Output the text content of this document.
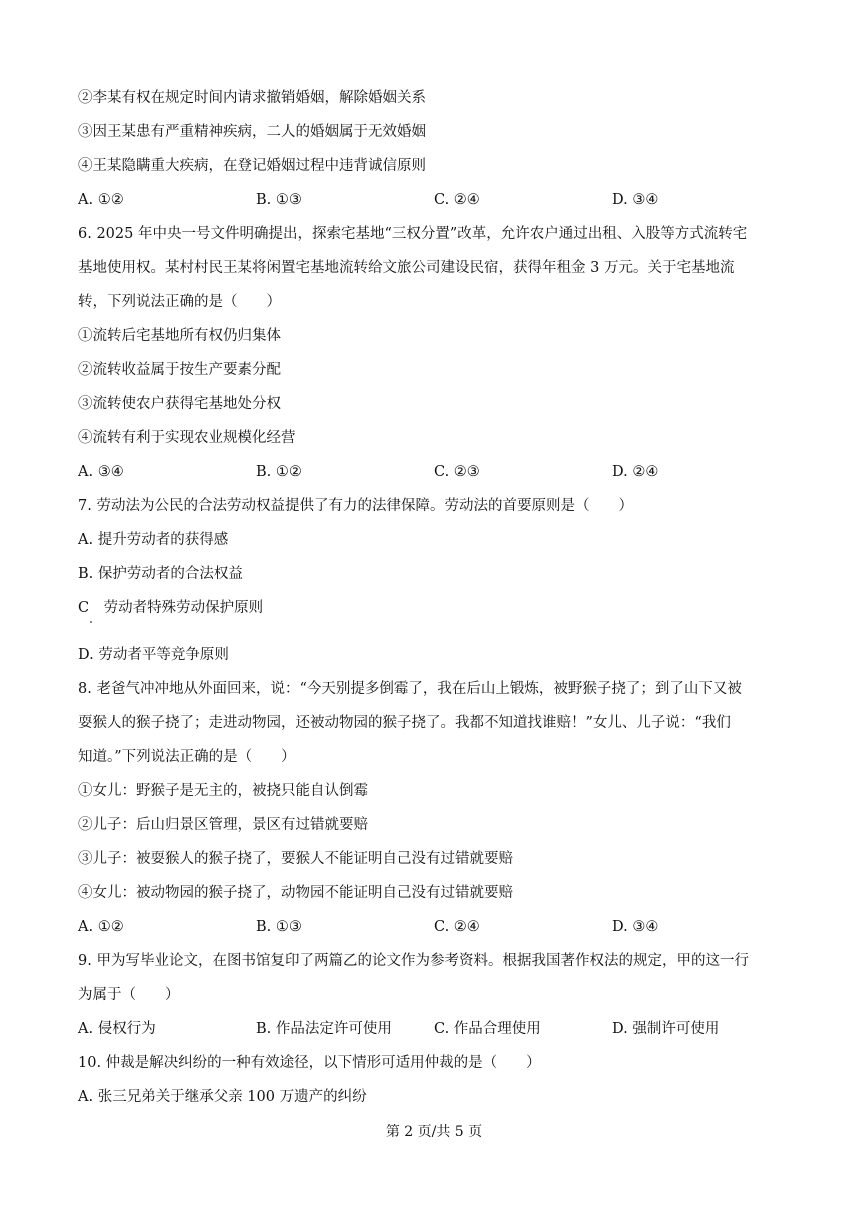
②李某有权在规定时间内请求撤销婚姻，解除婚姻关系
③因王某患有严重精神疾病，二人的婚姻属于无效婚姻
④王某隐瞒重大疾病，在登记婚姻过程中违背诚信原则
A. ①②	B. ①③	C. ②④	D. ③④
6. 2025 年中央一号文件明确提出，探索宅基地“三权分置”改革，允许农户通过出租、入股等方式流转宅
基地使用权。某村村民王某将闲置宅基地流转给文旅公司建设民宿，获得年租金 3 万元。关于宅基地流
转，下列说法正确的是（　　）
①流转后宅基地所有权仍归集体
②流转收益属于按生产要素分配
③流转使农户获得宅基地处分权
④流转有利于实现农业规模化经营
A. ③④	B. ①②	C. ②③	D. ②④
7. 劳动法为公民的合法劳动权益提供了有力的法律保障。劳动法的首要原则是（　　）
A. 提升劳动者的获得感
B. 保护劳动者的合法权益
C　劳动者特殊劳动保护原则
D. 劳动者平等竞争原则
8. 老爸气冲冲地从外面回来，说：“今天别提多倒霉了，我在后山上锻炼，被野猴子挠了；到了山下又被
耍猴人的猴子挠了；走进动物园，还被动物园的猴子挠了。我都不知道找谁赔！”女儿、儿子说：“我们
知道。”下列说法正确的是（　　）
①女儿：野猴子是无主的，被挠只能自认倒霉
②儿子：后山归景区管理，景区有过错就要赔
③儿子：被耍猴人的猴子挠了，要猴人不能证明自己没有过错就要赔
④女儿：被动物园的猴子挠了，动物园不能证明自己没有过错就要赔
A. ①②	B. ①③	C. ②④	D. ③④
9. 甲为写毕业论文，在图书馆复印了两篇乙的论文作为参考资料。根据我国著作权法的规定，甲的这一行
为属于（　　）
A. 侵权行为	B. 作品法定许可使用	C. 作品合理使用	D. 强制许可使用
10. 仲裁是解决纠纷的一种有效途径，以下情形可适用仲裁的是（　　）
A. 张三兄弟关于继承父亲 100 万遗产的纠纷
第 2 页/共 5 页
